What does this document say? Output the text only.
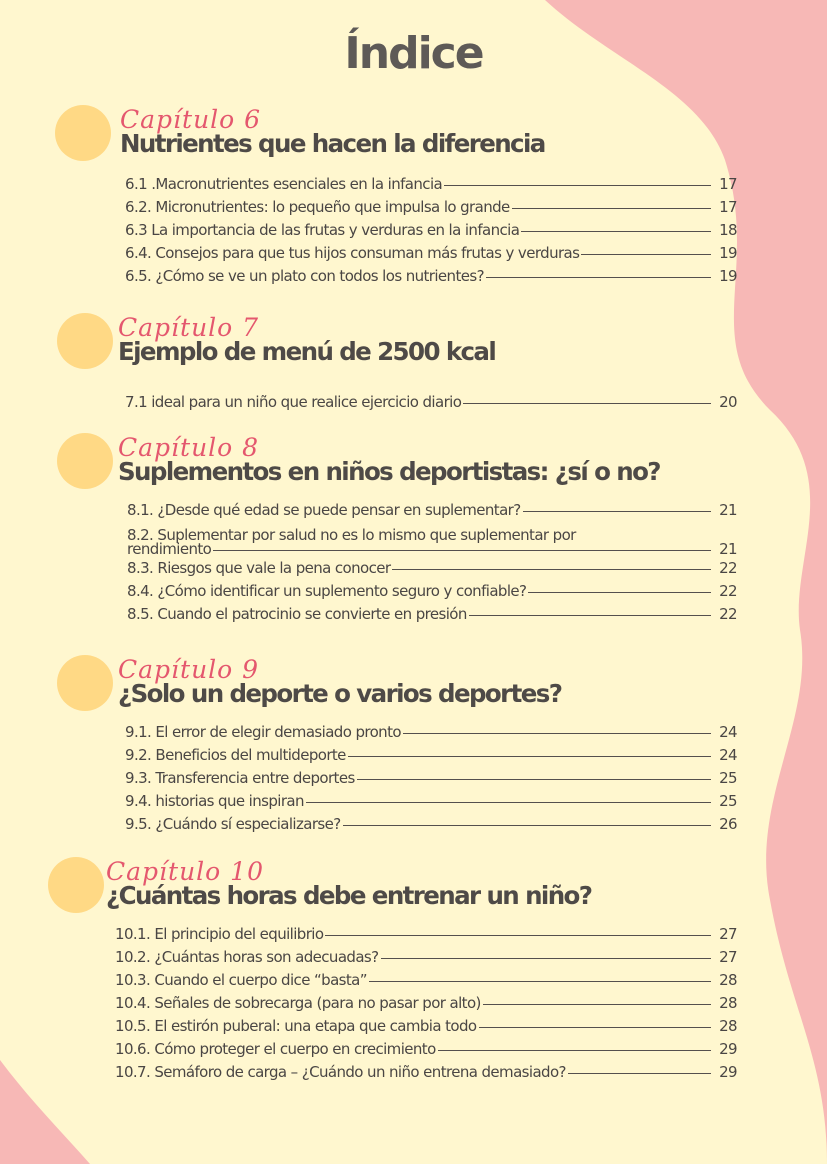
Índice
Capítulo 6
Nutrientes que hacen la diferencia
6.1 .Macronutrientes esenciales en la infancia	17
6.2. Micronutrientes: lo pequeño que impulsa lo grande	17
6.3 La importancia de las frutas y verduras en la infancia	18
6.4. Consejos para que tus hijos consuman más frutas y verduras	19
6.5. ¿Cómo se ve un plato con todos los nutrientes?	19
Capítulo 7
Ejemplo de menú de 2500 kcal
7.1 ideal para un niño que realice ejercicio diario	20
Capítulo 8
Suplementos en niños deportistas: ¿sí o no?
8.1. ¿Desde qué edad se puede pensar en suplementar?	21
8.2. Suplementar por salud no es lo mismo que suplementar por
rendimiento	21
8.3. Riesgos que vale la pena conocer	22
8.4. ¿Cómo identificar un suplemento seguro y confiable?	22
8.5. Cuando el patrocinio se convierte en presión	22
Capítulo 9
¿Solo un deporte o varios deportes?
9.1. El error de elegir demasiado pronto	24
9.2. Beneficios del multideporte	24
9.3. Transferencia entre deportes	25
9.4. historias que inspiran	25
9.5. ¿Cuándo sí especializarse?	26
Capítulo 10
¿Cuántas horas debe entrenar un niño?
10.1. El principio del equilibrio	27
10.2. ¿Cuántas horas son adecuadas?	27
10.3. Cuando el cuerpo dice “basta”	28
10.4. Señales de sobrecarga (para no pasar por alto)	28
10.5. El estirón puberal: una etapa que cambia todo	28
10.6. Cómo proteger el cuerpo en crecimiento	29
10.7. Semáforo de carga – ¿Cuándo un niño entrena demasiado?	29
